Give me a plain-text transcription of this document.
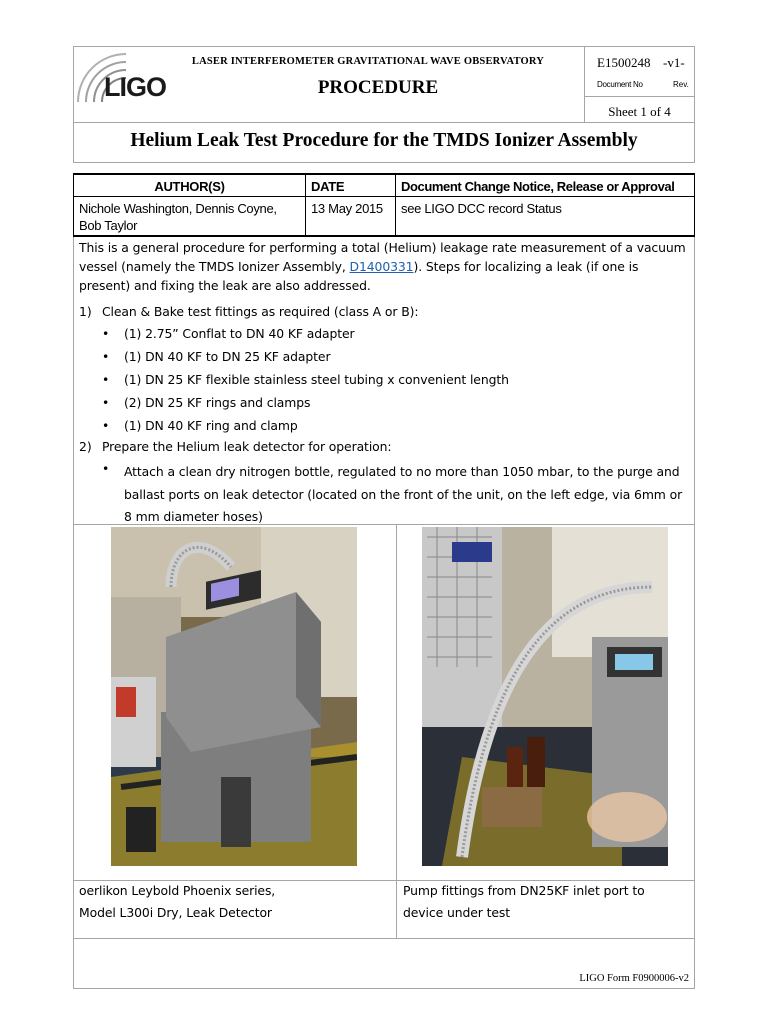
LIGO
LASER INTERFEROMETER GRAVITATIONAL WAVE OBSERVATORY
PROCEDURE
E1500248 -v1-
Document No	Rev.
Sheet 1 of 4
Helium Leak Test Procedure for the TMDS Ionizer Assembly
AUTHOR(S)	DATE	Document Change Notice, Release or Approval
Nichole Washington, Dennis Coyne,
Bob Taylor
13 May 2015 see LIGO DCC record Status
This is a general procedure for performing a total (Helium) leakage rate measurement of a vacuum vessel (namely the TMDS Ionizer Assembly, D1400331). Steps for localizing a leak (if one is present) and fixing the leak are also addressed.
1) Clean & Bake test fittings as required (class A or B):
• (1) 2.75” Conflat to DN 40 KF adapter
• (1) DN 40 KF to DN 25 KF adapter
• (1) DN 25 KF flexible stainless steel tubing x convenient length
• (2) DN 25 KF rings and clamps
• (1) DN 40 KF ring and clamp
2) Prepare the Helium leak detector for operation:
• Attach a clean dry nitrogen bottle, regulated to no more than 1050 mbar, to the purge and ballast ports on leak detector (located on the front of the unit, on the left edge, via 6mm or 8 mm diameter hoses)
oerlikon Leybold Phoenix series,
Model L300i Dry, Leak Detector
Pump fittings from DN25KF inlet port to
device under test
LIGO Form F0900006-v2
